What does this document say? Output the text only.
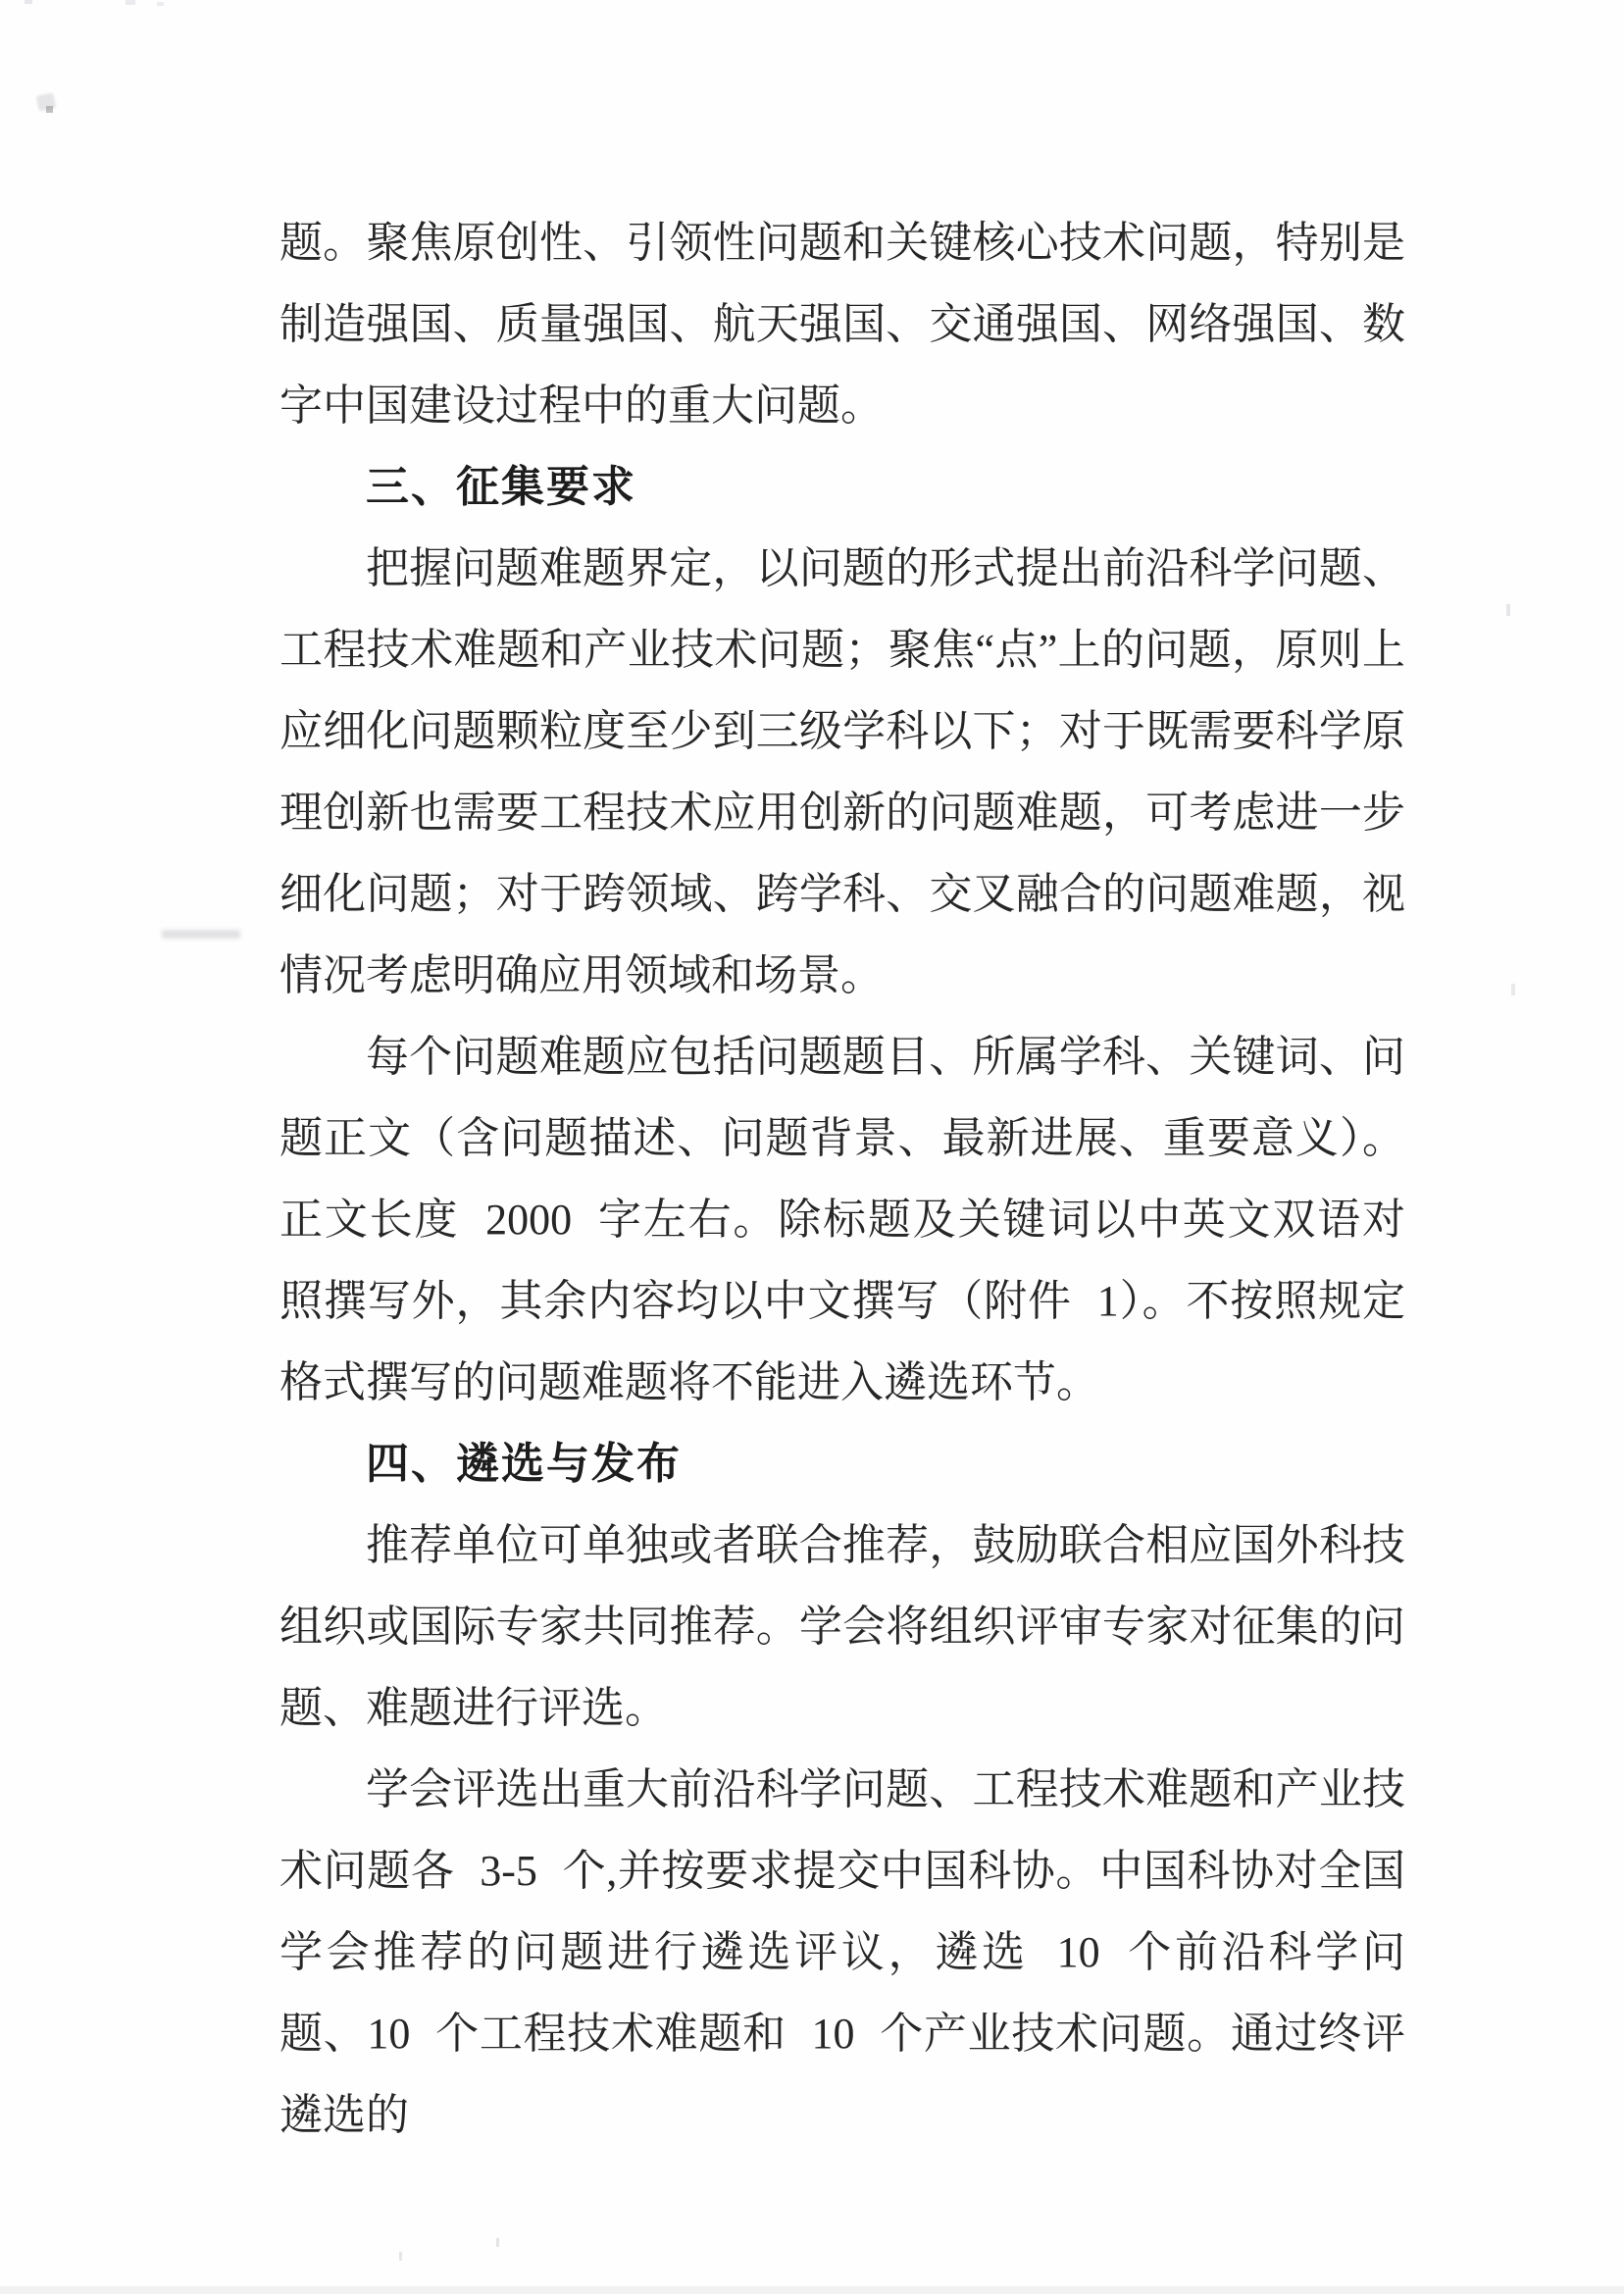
题。聚焦原创性、引领性问题和关键核心技术问题，特别是制造强国、质量强国、航天强国、交通强国、网络强国、数字中国建设过程中的重大问题。

三、征集要求

把握问题难题界定，以问题的形式提出前沿科学问题、工程技术难题和产业技术问题；聚焦“点”上的问题，原则上应细化问题颗粒度至少到三级学科以下；对于既需要科学原理创新也需要工程技术应用创新的问题难题，可考虑进一步细化问题；对于跨领域、跨学科、交叉融合的问题难题，视情况考虑明确应用领域和场景。

每个问题难题应包括问题题目、所属学科、关键词、问题正文（含问题描述、问题背景、最新进展、重要意义）。正文长度 2000 字左右。除标题及关键词以中英文双语对照撰写外，其余内容均以中文撰写（附件 1）。不按照规定格式撰写的问题难题将不能进入遴选环节。

四、遴选与发布

推荐单位可单独或者联合推荐，鼓励联合相应国外科技组织或国际专家共同推荐。学会将组织评审专家对征集的问题、难题进行评选。

学会评选出重大前沿科学问题、工程技术难题和产业技术问题各 3-5 个,并按要求提交中国科协。中国科协对全国学会推荐的问题进行遴选评议，遴选 10 个前沿科学问题、10 个工程技术难题和 10 个产业技术问题。通过终评遴选的
